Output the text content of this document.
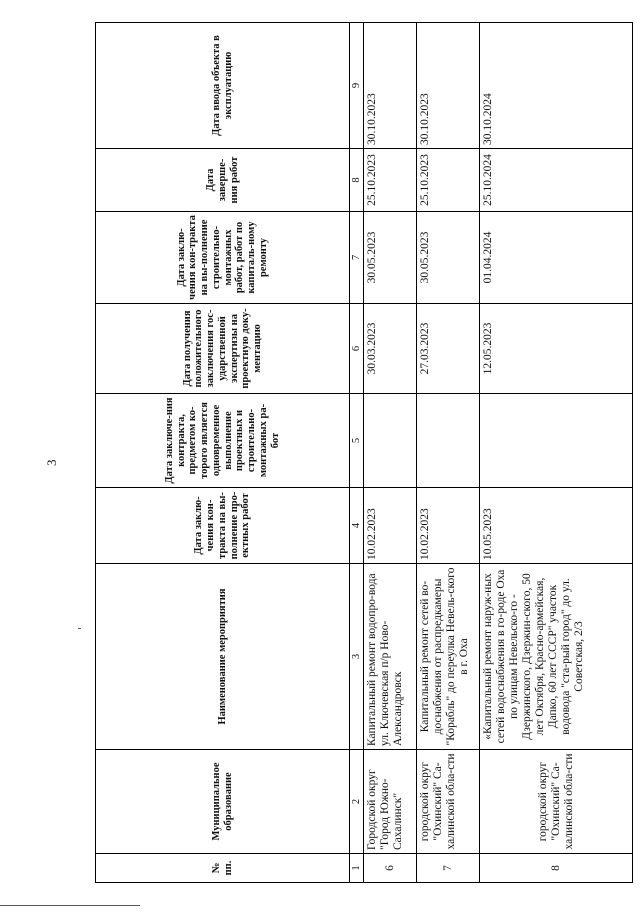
3
№ пп.	Муниципальное образование	Наименование мероприятия	Дата заклю-чения кон-тракта на вы-полнение про-ектных работ	Дата заключе-ния контракта, предметом ко-торого является одновременное выполнение проектных и строительно-монтажных ра-бот	Дата получения положительного заключения гос-ударственной экспертизы на проектную доку-ментацию	Дата заклю-чения кон-тракта на вы-полнение строительно-монтажных работ, работ по капиталь-ному ремонту	Дата заверше-ния работ	Дата ввода объекта в эксплуатацию
1	2	3	4	5	6	7	8	9
6	Городской округ "Город Южно-Сахалинск"	Капитальный ремонт водопро-вода ул. Ключевская п/р Ново-Александровск	10.02.2023		30.03.2023	30.05.2023	25.10.2023	30.10.2023
7	городской округ "Охинский" Са-халинской обла-сти	Капитальный ремонт сетей во-доснабжения от распредкамеры "Корабль" до переулка Невель-ского в г. Оха	10.02.2023		27.03.2023	30.05.2023	25.10.2023	30.10.2023
8	городской округ "Охинский" Са-халинской обла-сти	«Капитальный ремонт наруж-ных сетей водоснабжения в го-роде Оха по улицам Невельско-го - Дзержинского, Дзержин-ского, 50 лет Октября, Красно-армейская, Дапко, 60 лет СССР" участок водовода "ста-рый город" до ул. Советская, 2/3	10.05.2023		12.05.2023	01.04.2024	25.10.2024	30.10.2024
